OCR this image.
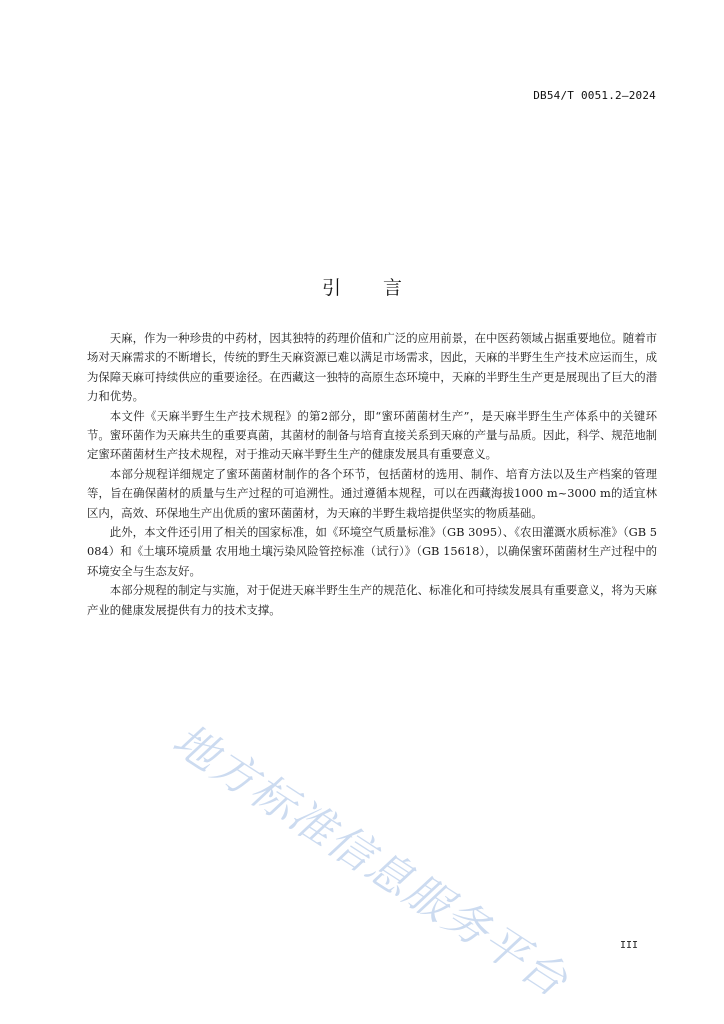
DB54/T 0051.2—2024
引言

天麻，作为一种珍贵的中药材，因其独特的药理价值和广泛的应用前景，在中医药领域占据重要地位。随着市场对天麻需求的不断增长，传统的野生天麻资源已难以满足市场需求，因此，天麻的半野生生产技术应运而生，成为保障天麻可持续供应的重要途径。在西藏这一独特的高原生态环境中，天麻的半野生生产更是展现出了巨大的潜力和优势。

本文件《天麻半野生生产技术规程》的第2部分，即“蜜环菌菌材生产”，是天麻半野生生产体系中的关键环节。蜜环菌作为天麻共生的重要真菌，其菌材的制备与培育直接关系到天麻的产量与品质。因此，科学、规范地制定蜜环菌菌材生产技术规程，对于推动天麻半野生生产的健康发展具有重要意义。

本部分规程详细规定了蜜环菌菌材制作的各个环节，包括菌材的选用、制作、培育方法以及生产档案的管理等，旨在确保菌材的质量与生产过程的可追溯性。通过遵循本规程，可以在西藏海拔1000 m~3000 m的适宜林区内，高效、环保地生产出优质的蜜环菌菌材，为天麻的半野生栽培提供坚实的物质基础。

此外，本文件还引用了相关的国家标准，如《环境空气质量标准》（GB 3095）、《农田灌溉水质标准》（GB 5084）和《土壤环境质量 农用地土壤污染风险管控标准（试行）》（GB 15618），以确保蜜环菌菌材生产过程中的环境安全与生态友好。

本部分规程的制定与实施，对于促进天麻半野生生产的规范化、标准化和可持续发展具有重要意义，将为天麻产业的健康发展提供有力的技术支撑。

地方标准信息服务平台	III
